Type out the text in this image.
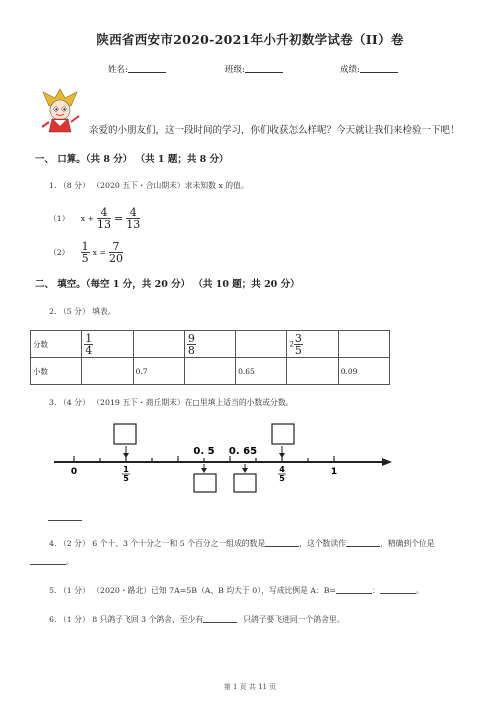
陕西省西安市2020-2021年小升初数学试卷（II）卷
姓名:	班级:	成绩:
亲爱的小朋友们，这一段时间的学习，你们收获怎么样呢？今天就让我们来检验一下吧！
一、 口算。（共 8 分） （共 1 题；共 8 分）
1. （8 分） （2020 五下・合山期末）求未知数 x 的值。
（1） $x + \frac{4}{13} = \frac{4}{13}$
$(2) \frac{1}{5}$ $x = \frac{7}{20}$
二、 填空。（每空 1 分，共 20 分） （共 10 题；共 20 分）
2. （5 分） 填表。
分数	$\frac{1}{4}$		$\frac{9}{8}$		$2 \frac{3}{5}$

小数		0.7		0.65		0.09
3. （4 分） （2019 五下・商丘期末）在□里填上适当的小数或分数。
0	1
1
5
0. 5 0. 65
4
5
4. （2 分） 6 个十、3 个十分之一和 5 个百分之一组成的数是	，这个数读作	，精确到个位是
。
5. （1 分） （2020・路北）已知 7A=5B（A、B 均大于 0），写成比例是 A：B=	：	。
6. （1 分） 8 只鸽子飞回 3 个鸽舍，至少有	只鸽子要飞进同一个鸽舍里。
第 1 页 共 11 页
